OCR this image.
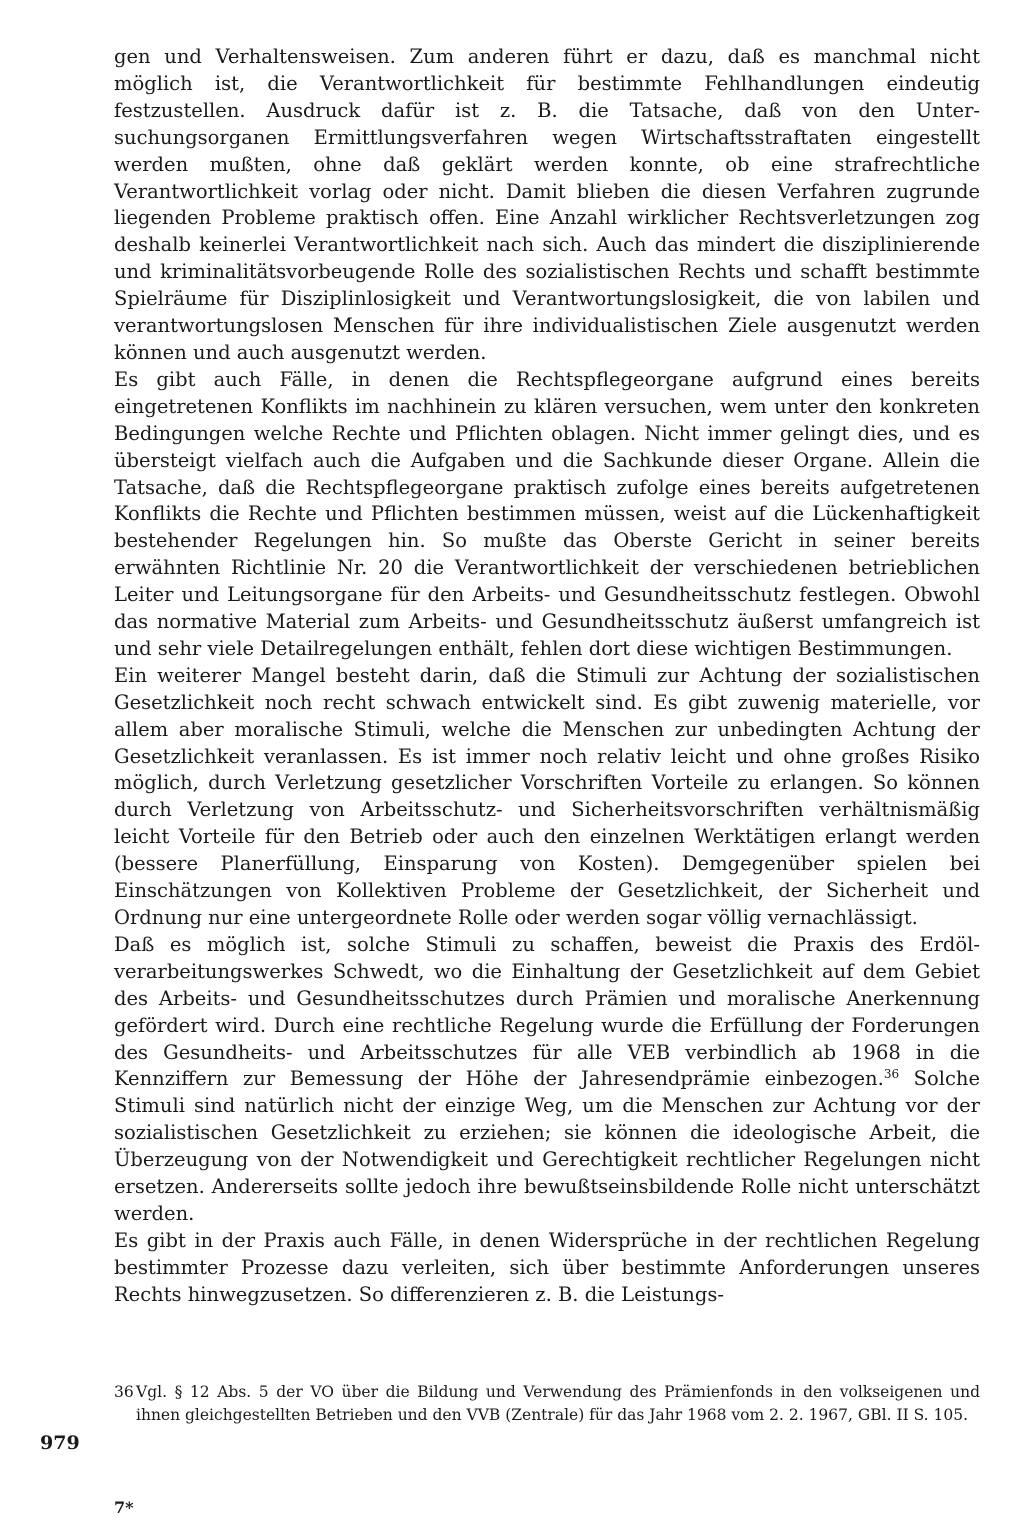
gen und Verhaltensweisen. Zum anderen führt er dazu, daß es manchmal nicht möglich ist, die Verantwortlichkeit für bestimmte Fehlhandlungen eindeutig festzustellen. Ausdruck dafür ist z. B. die Tatsache, daß von den Untersuchungsorganen Ermittlungsverfahren wegen Wirtschaftsstraftaten eingestellt werden mußten, ohne daß geklärt werden konnte, ob eine strafrechtliche Verantwortlichkeit vorlag oder nicht. Damit blieben die diesen Verfahren zugrunde liegenden Probleme praktisch offen. Eine Anzahl wirklicher Rechtsverletzungen zog deshalb keinerlei Verantwortlichkeit nach sich. Auch das mindert die disziplinierende und kriminalitätsvorbeugende Rolle des sozialistischen Rechts und schafft bestimmte Spielräume für Disziplinlosigkeit und Verantwortungslosigkeit, die von labilen und verantwortungslosen Menschen für ihre individualistischen Ziele ausgenutzt werden können und auch ausgenutzt werden.

Es gibt auch Fälle, in denen die Rechtspflegeorgane aufgrund eines bereits eingetretenen Konflikts im nachhinein zu klären versuchen, wem unter den konkreten Bedingungen welche Rechte und Pflichten oblagen. Nicht immer gelingt dies, und es übersteigt vielfach auch die Aufgaben und die Sachkunde dieser Organe. Allein die Tatsache, daß die Rechtspflegeorgane praktisch zufolge eines bereits aufgetretenen Konflikts die Rechte und Pflichten bestimmen müssen, weist auf die Lückenhaftigkeit bestehender Regelungen hin. So mußte das Oberste Gericht in seiner bereits erwähnten Richtlinie Nr. 20 die Verantwortlichkeit der verschiedenen betrieblichen Leiter und Leitungsorgane für den Arbeits- und Gesundheitsschutz festlegen. Obwohl das normative Material zum Arbeits- und Gesundheitsschutz äußerst umfangreich ist und sehr viele Detailregelungen enthält, fehlen dort diese wichtigen Bestimmungen.

Ein weiterer Mangel besteht darin, daß die Stimuli zur Achtung der sozialistischen Gesetzlichkeit noch recht schwach entwickelt sind. Es gibt zuwenig materielle, vor allem aber moralische Stimuli, welche die Menschen zur unbedingten Achtung der Gesetzlichkeit veranlassen. Es ist immer noch relativ leicht und ohne großes Risiko möglich, durch Verletzung gesetzlicher Vorschriften Vorteile zu erlangen. So können durch Verletzung von Arbeitsschutz- und Sicherheitsvorschriften verhältnismäßig leicht Vorteile für den Betrieb oder auch den einzelnen Werktätigen erlangt werden (bessere Planerfüllung, Einsparung von Kosten). Demgegenüber spielen bei Einschätzungen von Kollektiven Probleme der Gesetzlichkeit, der Sicherheit und Ordnung nur eine untergeordnete Rolle oder werden sogar völlig vernachlässigt.

Daß es möglich ist, solche Stimuli zu schaffen, beweist die Praxis des Erdölverarbeitungswerkes Schwedt, wo die Einhaltung der Gesetzlichkeit auf dem Gebiet des Arbeits- und Gesundheitsschutzes durch Prämien und moralische Anerkennung gefördert wird. Durch eine rechtliche Regelung wurde die Erfüllung der Forderungen des Gesundheits- und Arbeitsschutzes für alle VEB verbindlich ab 1968 in die Kennziffern zur Bemessung der Höhe der Jahresendprämie einbezogen.$^{36}$ Solche Stimuli sind natürlich nicht der einzige Weg, um die Menschen zur Achtung vor der sozialistischen Gesetzlichkeit zu erziehen; sie können die ideologische Arbeit, die Überzeugung von der Notwendigkeit und Gerechtigkeit rechtlicher Regelungen nicht ersetzen. Andererseits sollte jedoch ihre bewußtseinsbildende Rolle nicht unterschätzt werden.

Es gibt in der Praxis auch Fälle, in denen Widersprüche in der rechtlichen Regelung bestimmter Prozesse dazu verleiten, sich über bestimmte Anforderungen unseres Rechts hinwegzusetzen. So differenzieren z. B. die Leistungs-

36 Vgl. § 12 Abs. 5 der VO über die Bildung und Verwendung des Prämienfonds in den volkseigenen und ihnen gleichgestellten Betrieben und den VVB (Zentrale) für das Jahr 1968 vom 2. 2. 1967, GBl. II S. 105.
979
7*
